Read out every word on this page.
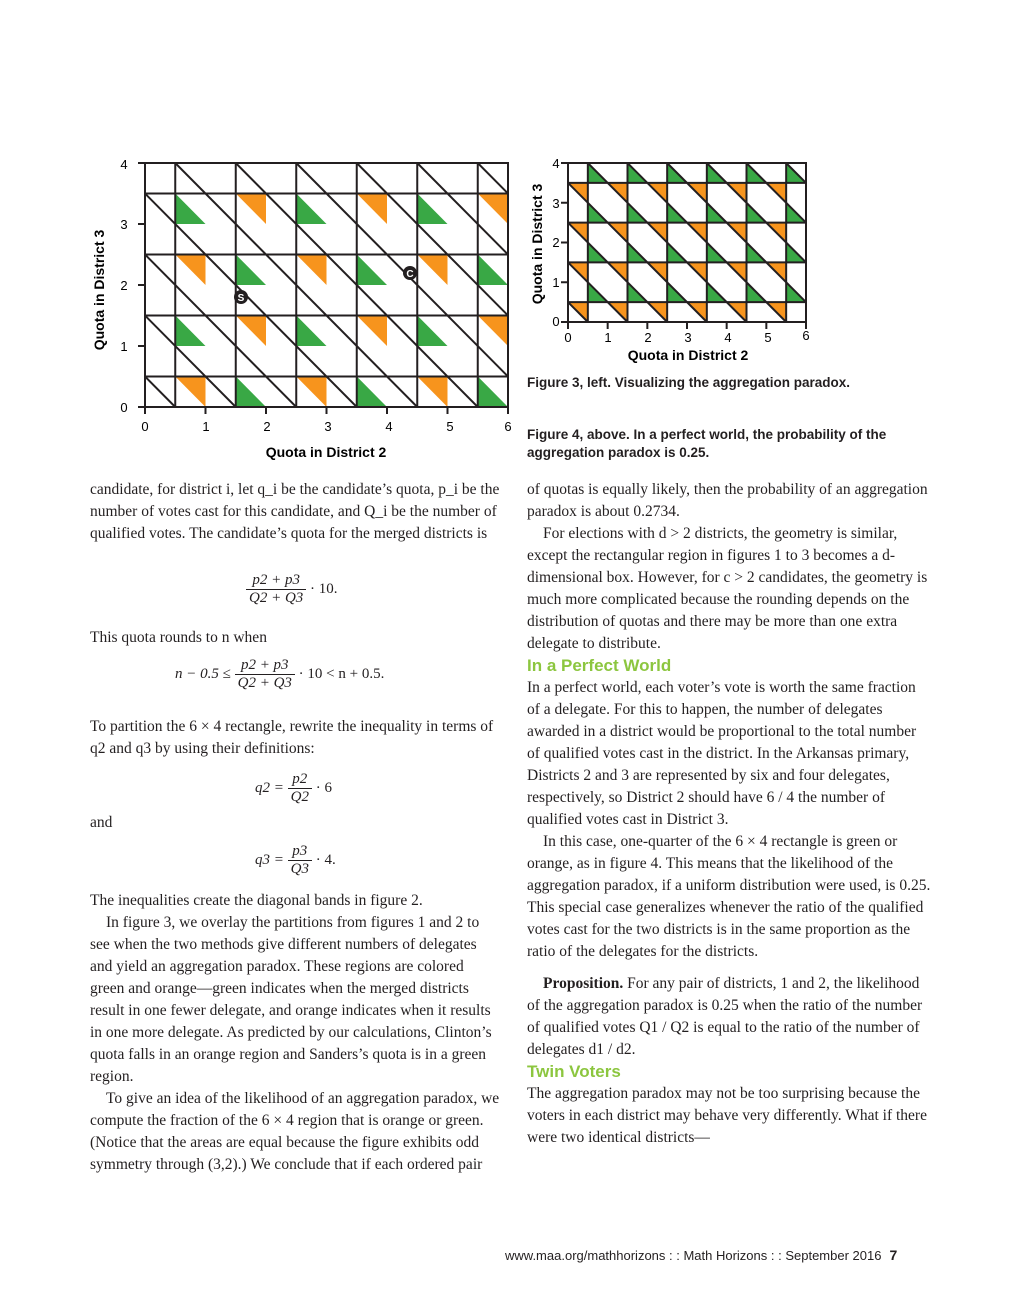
S
C
0
1
2
3
4
0	1	2	3	4	5	6
Quota in District 2
Quota in District 3	0
1
2
3
4
0	1	2	3	4	5 6
Quota in District 2
Quota in District 3
Figure 3, left. Visualizing the aggregation paradox.
Figure 4, above. In a perfect world, the probability of the aggregation paradox is 0.25.

candidate, for district i, let q_i be the candidate’s quota, p_i be the number of votes cast for this candidate, and Q_i be the number of qualified votes. The candidate’s quota for the merged districts is

$\frac{p2 + p3}{Q2 + Q3} \cdot 10$.

This quota rounds to n when

$n - 0.5 \le \frac{p2 + p3}{Q2 + Q3} \cdot 10 < n + 0.5$.

To partition the 6 × 4 rectangle, rewrite the inequality in terms of q2 and q3 by using their definitions:

$q2 = \frac{p2}{Q2} \cdot 6$

and

$q3 = \frac{p3}{Q3} \cdot 4$.

The inequalities create the diagonal bands in figure 2.

In figure 3, we overlay the partitions from figures 1 and 2 to see when the two methods give different numbers of delegates and yield an aggregation paradox. These regions are colored green and orange—green indicates when the merged districts result in one fewer delegate, and orange indicates when it results in one more delegate. As predicted by our calculations, Clinton’s quota falls in an orange region and Sanders’s quota is in a green region.

To give an idea of the likelihood of an aggregation paradox, we compute the fraction of the 6 × 4 region that is orange or green. (Notice that the areas are equal because the figure exhibits odd symmetry through (3,2).) We conclude that if each ordered pair

of quotas is equally likely, then the probability of an aggregation paradox is about 0.2734.

For elections with d > 2 districts, the geometry is similar, except the rectangular region in figures 1 to 3 becomes a d-dimensional box. However, for c > 2 candidates, the geometry is much more complicated because the rounding depends on the distribution of quotas and there may be more than one extra delegate to distribute.

In a Perfect World

In a perfect world, each voter’s vote is worth the same fraction of a delegate. For this to happen, the number of delegates awarded in a district would be proportional to the total number of qualified votes cast in the district. In the Arkansas primary, Districts 2 and 3 are represented by six and four delegates, respectively, so District 2 should have 6 / 4 the number of qualified votes cast in District 3.

In this case, one-quarter of the 6 × 4 rectangle is green or orange, as in figure 4. This means that the likelihood of the aggregation paradox, if a uniform distribution were used, is 0.25. This special case generalizes whenever the ratio of the qualified votes cast for the two districts is in the same proportion as the ratio of the delegates for the districts.

Proposition. For any pair of districts, 1 and 2, the likelihood of the aggregation paradox is 0.25 when the ratio of the number of qualified votes Q1 / Q2 is equal to the ratio of the number of delegates d1 / d2.

Twin Voters

The aggregation paradox may not be too surprising because the voters in each district may behave very differently. What if there were two identical districts—

www.maa.org/mathhorizons : : Math Horizons : : September 2016 7
